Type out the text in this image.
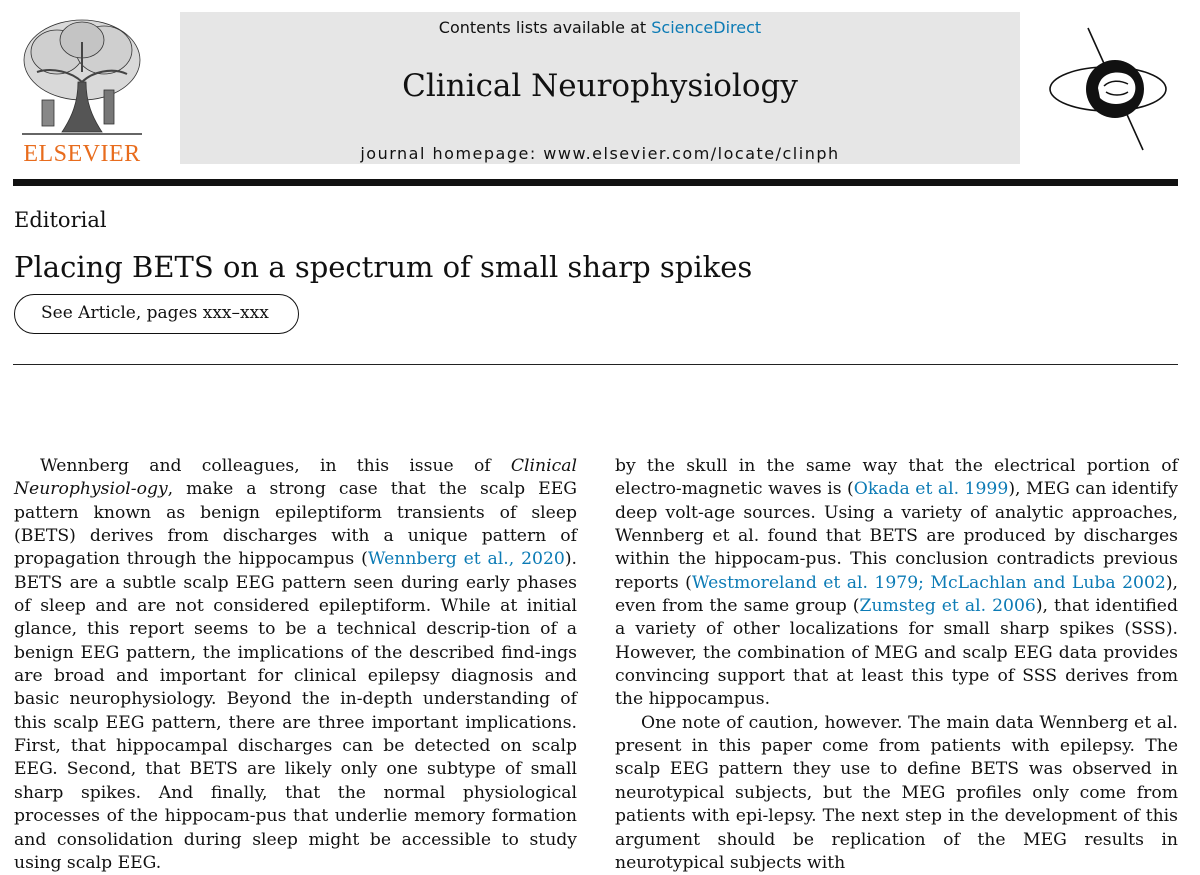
ELSEVIER
Contents lists available at ScienceDirect
Clinical Neurophysiology
journal homepage: www.elsevier.com/locate/clinph
Editorial
Placing BETS on a spectrum of small sharp spikes
See Article, pages xxx–xxx

Wennberg and colleagues, in this issue of Clinical Neurophysiol-ogy, make a strong case that the scalp EEG pattern known as benign epileptiform transients of sleep (BETS) derives from discharges with a unique pattern of propagation through the hippocampus (Wennberg et al., 2020). BETS are a subtle scalp EEG pattern seen during early phases of sleep and are not considered epileptiform. While at initial glance, this report seems to be a technical descrip-tion of a benign EEG pattern, the implications of the described find-ings are broad and important for clinical epilepsy diagnosis and basic neurophysiology. Beyond the in-depth understanding of this scalp EEG pattern, there are three important implications. First, that hippocampal discharges can be detected on scalp EEG. Second, that BETS are likely only one subtype of small sharp spikes. And finally, that the normal physiological processes of the hippocam-pus that underlie memory formation and consolidation during sleep might be accessible to study using scalp EEG.

by the skull in the same way that the electrical portion of electro-magnetic waves is (Okada et al. 1999), MEG can identify deep volt-age sources. Using a variety of analytic approaches, Wennberg et al. found that BETS are produced by discharges within the hippocam-pus. This conclusion contradicts previous reports (Westmoreland et al. 1979; McLachlan and Luba 2002), even from the same group (Zumsteg et al. 2006), that identified a variety of other localizations for small sharp spikes (SSS). However, the combination of MEG and scalp EEG data provides convincing support that at least this type of SSS derives from the hippocampus.

One note of caution, however. The main data Wennberg et al. present in this paper come from patients with epilepsy. The scalp EEG pattern they use to define BETS was observed in neurotypical subjects, but the MEG profiles only come from patients with epi-lepsy. The next step in the development of this argument should be replication of the MEG results in neurotypical subjects with
